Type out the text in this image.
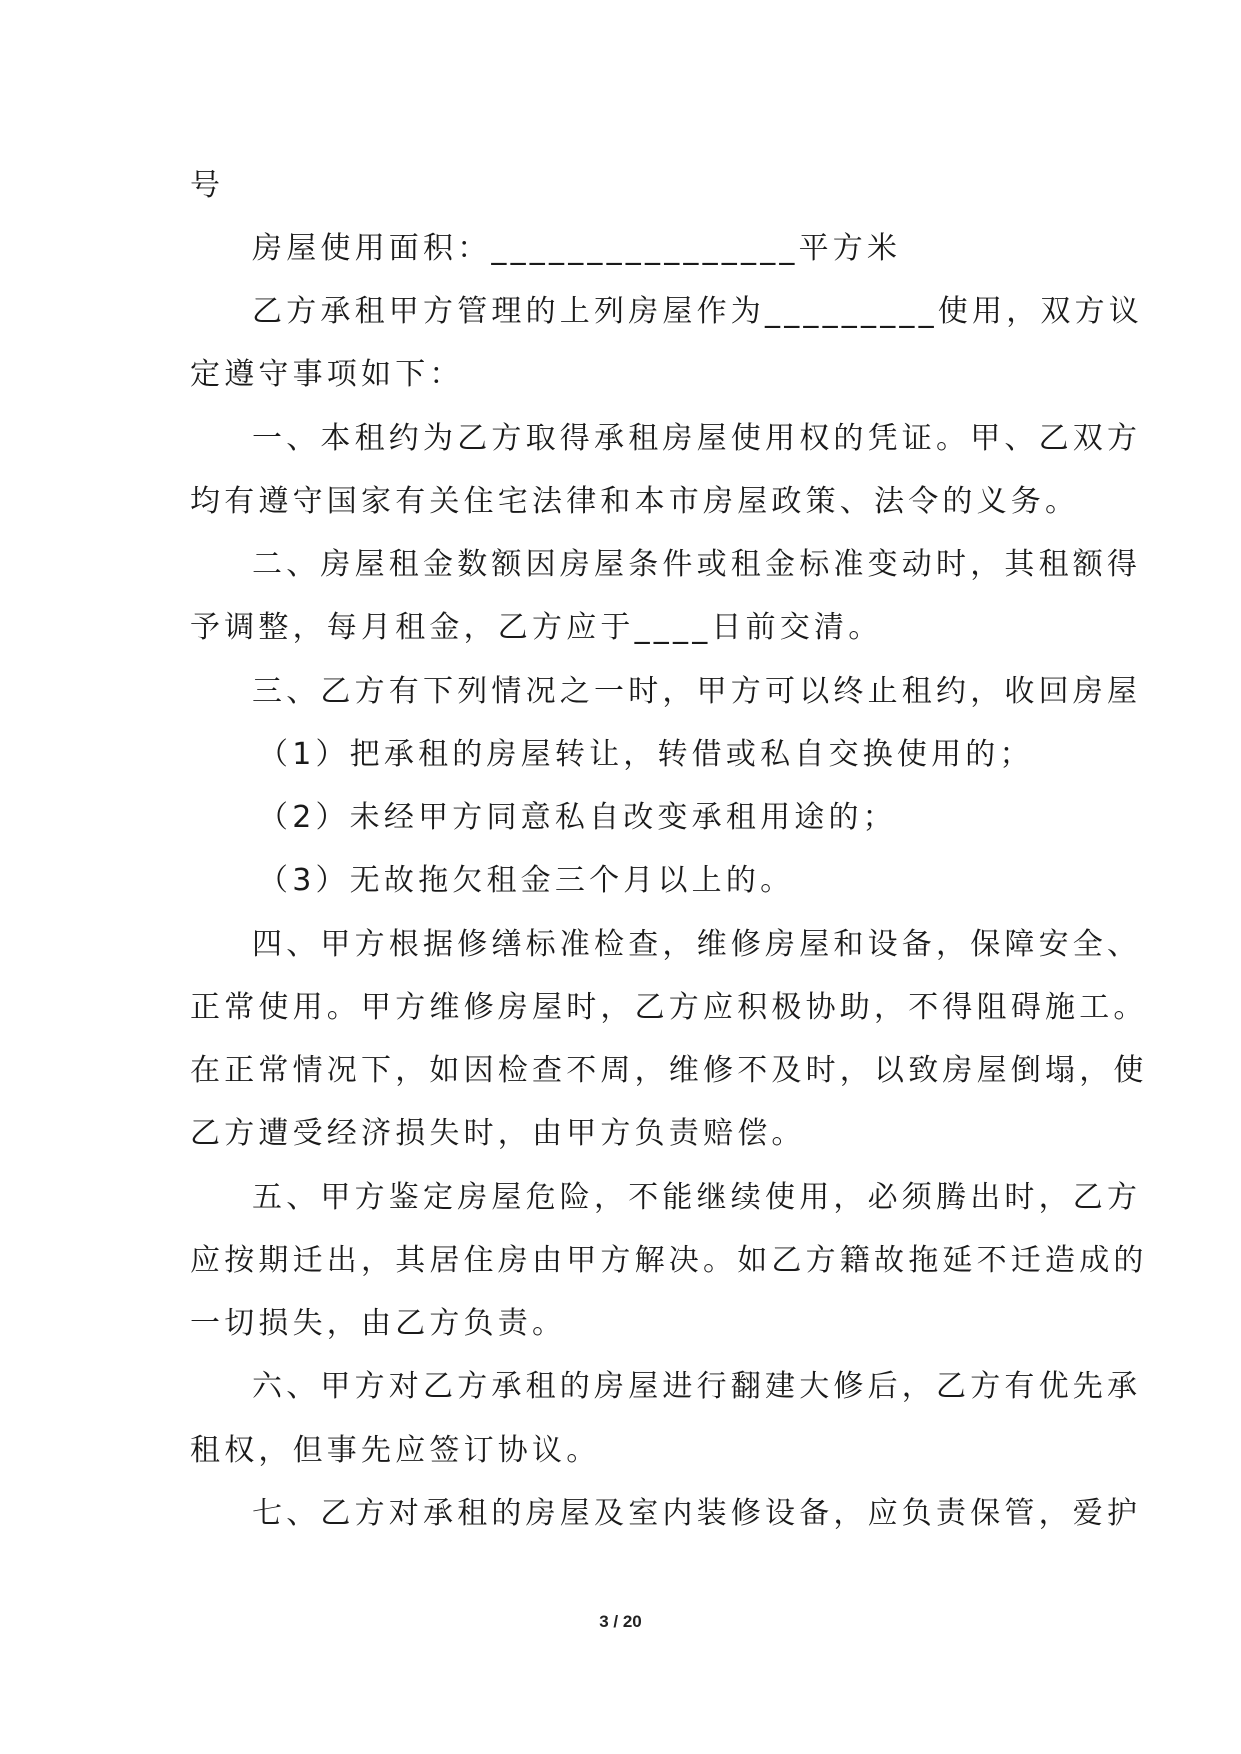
号
房屋使用面积：________________平方米
乙方承租甲方管理的上列房屋作为_________使用，双方议
定遵守事项如下：
一、本租约为乙方取得承租房屋使用权的凭证。甲、乙双方
均有遵守国家有关住宅法律和本市房屋政策、法令的义务。
二、房屋租金数额因房屋条件或租金标准变动时，其租额得
予调整，每月租金，乙方应于____日前交清。
三、乙方有下列情况之一时，甲方可以终止租约，收回房屋
（1）把承租的房屋转让，转借或私自交换使用的；
（2）未经甲方同意私自改变承租用途的；
（3）无故拖欠租金三个月以上的。
四、甲方根据修缮标准检查，维修房屋和设备，保障安全、
正常使用。甲方维修房屋时，乙方应积极协助，不得阻碍施工。
在正常情况下，如因检查不周，维修不及时，以致房屋倒塌，使
乙方遭受经济损失时，由甲方负责赔偿。
五、甲方鉴定房屋危险，不能继续使用，必须腾出时，乙方
应按期迁出，其居住房由甲方解决。如乙方籍故拖延不迁造成的
一切损失，由乙方负责。
六、甲方对乙方承租的房屋进行翻建大修后，乙方有优先承
租权，但事先应签订协议。
七、乙方对承租的房屋及室内装修设备，应负责保管，爱护
3 / 20
